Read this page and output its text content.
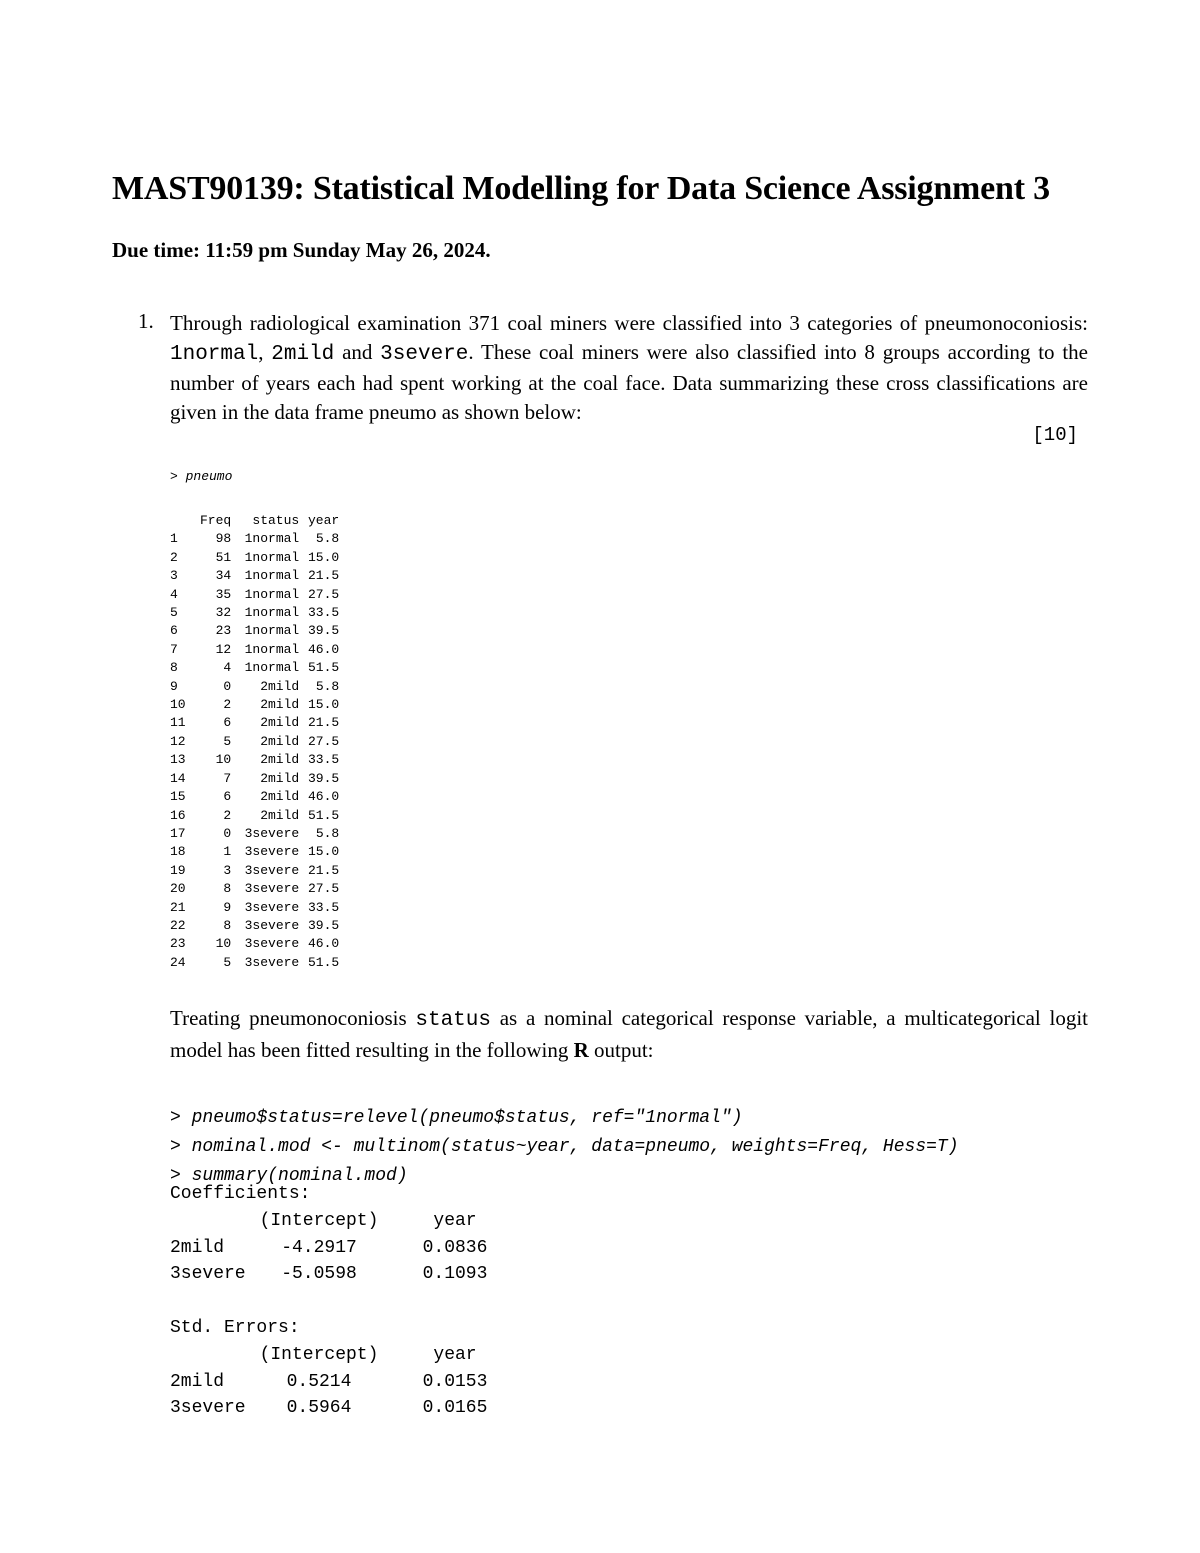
MAST90139: Statistical Modelling for Data Science Assignment 3
Due time: 11:59 pm Sunday May 26, 2024.
1. Through radiological examination 371 coal miners were classified into 3 categories of pneumonoconiosis: 1normal, 2mild and 3severe. These coal miners were also classified into 8 groups according to the number of years each had spent working at the coal face. Data summarizing these cross classifications are given in the data frame pneumo as shown below:
[10]
> pneumo
	Freq	status	year
1	98	1normal	5.8
2	51	1normal	15.0
3	34	1normal	21.5
4	35	1normal	27.5
5	32	1normal	33.5
6	23	1normal	39.5
7	12	1normal	46.0
8	4	1normal	51.5
9	0	2mild	5.8
10	2	2mild	15.0
11	6	2mild	21.5
12	5	2mild	27.5
13	10	2mild	33.5
14	7	2mild	39.5
15	6	2mild	46.0
16	2	2mild	51.5
17	0	3severe	5.8
18	1	3severe	15.0
19	3	3severe	21.5
20	8	3severe	27.5
21	9	3severe	33.5
22	8	3severe	39.5
23	10	3severe	46.0
24	5	3severe	51.5
Treating pneumonoconiosis status as a nominal categorical response variable, a multicategorical logit model has been fitted resulting in the following R output:

> pneumo$status=relevel(pneumo$status, ref="1normal")
> nominal.mod <- multinom(status~year, data=pneumo, weights=Freq, Hess=T)
> summary(nominal.mod)
Coefficients:
	(Intercept)	year
2mild	-4.2917	0.0836
3severe	-5.0598	0.1093
Std. Errors:
	(Intercept)	year
2mild	0.5214	0.0153
3severe	0.5964	0.0165
